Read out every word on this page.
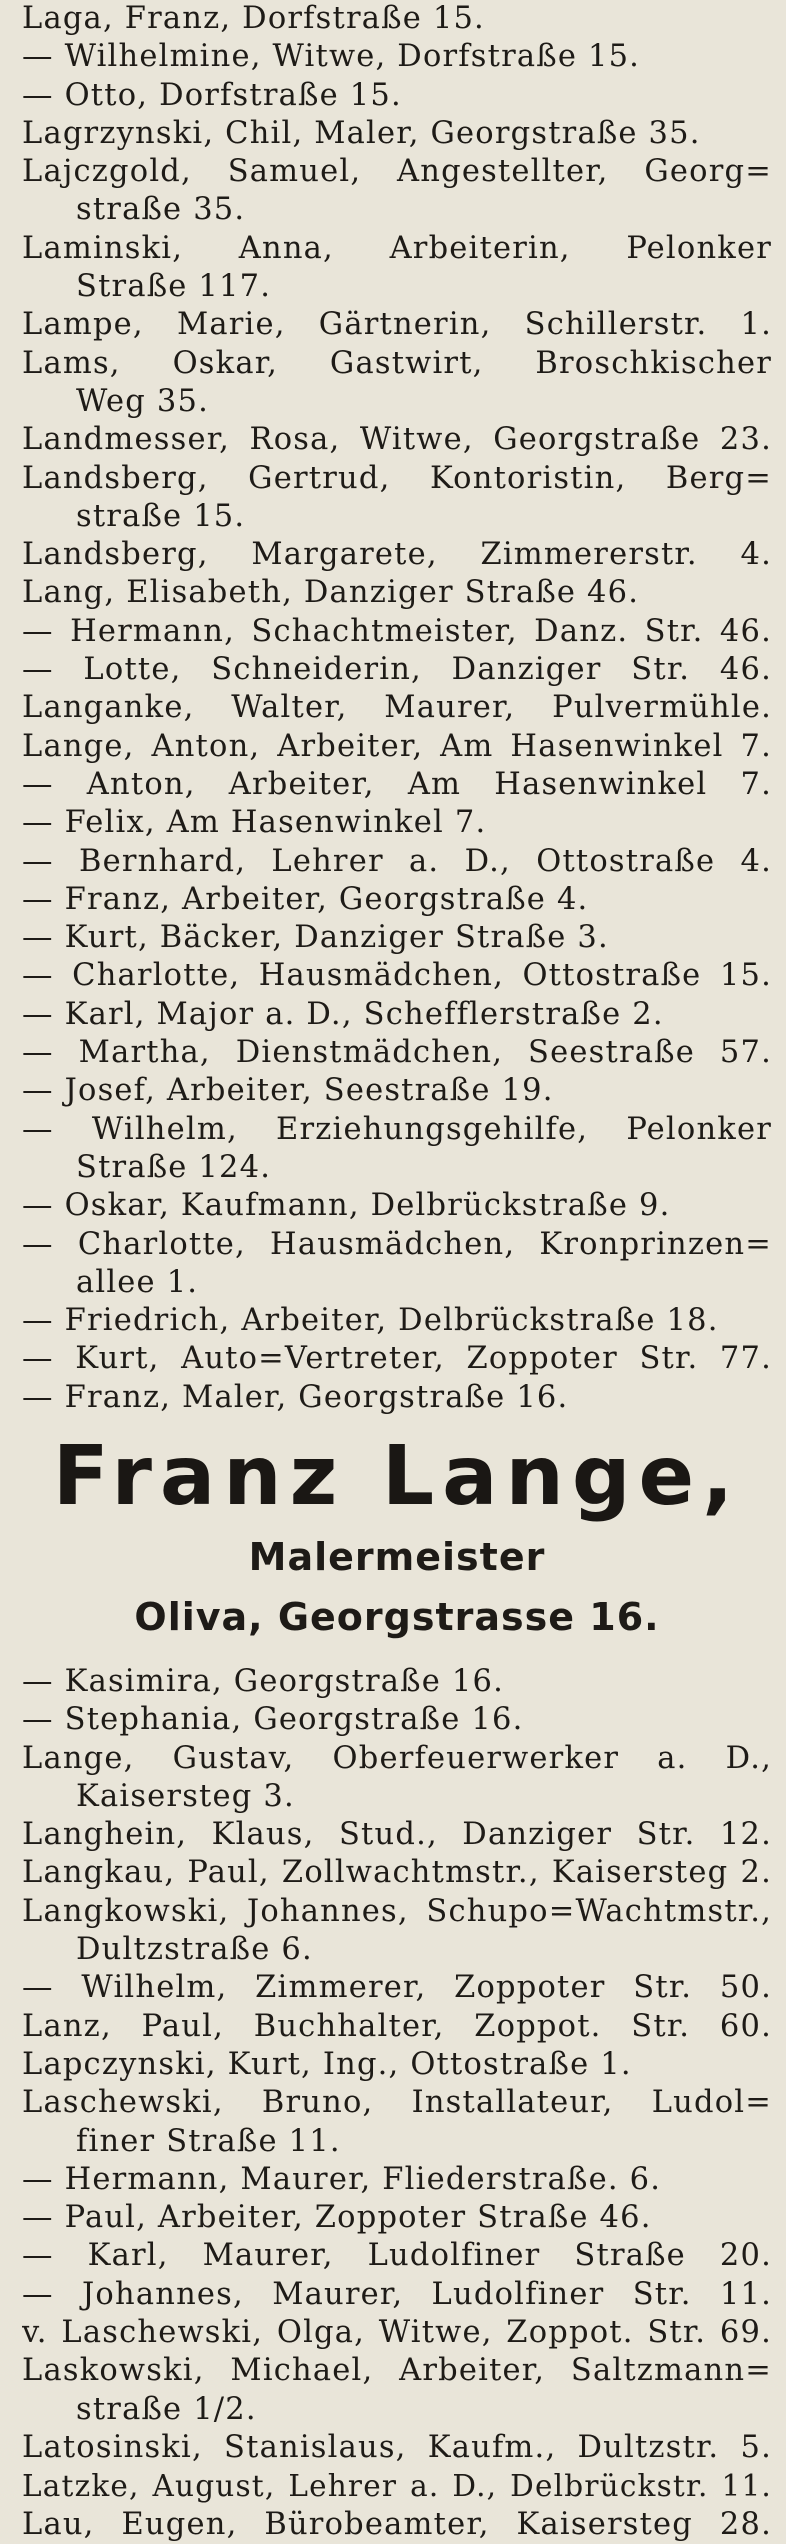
Laga, Franz, Dorfstraße 15.
— Wilhelmine, Witwe, Dorfstraße 15.
— Otto, Dorfstraße 15.
Lagrzynski, Chil, Maler, Georgstraße 35.
Lajczgold, Samuel, Angestellter, Georg=
straße 35.
Laminski, Anna, Arbeiterin, Pelonker
Straße 117.
Lampe, Marie, Gärtnerin, Schillerstr. 1.
Lams, Oskar, Gastwirt, Broschkischer
Weg 35.
Landmesser, Rosa, Witwe, Georgstraße 23.
Landsberg, Gertrud, Kontoristin, Berg=
straße 15.
Landsberg, Margarete, Zimmererstr. 4.
Lang, Elisabeth, Danziger Straße 46.
— Hermann, Schachtmeister, Danz. Str. 46.
— Lotte, Schneiderin, Danziger Str. 46.
Langanke, Walter, Maurer, Pulvermühle.
Lange, Anton, Arbeiter, Am Hasenwinkel 7.
— Anton, Arbeiter, Am Hasenwinkel 7.
— Felix, Am Hasenwinkel 7.
— Bernhard, Lehrer a. D., Ottostraße 4.
— Franz, Arbeiter, Georgstraße 4.
— Kurt, Bäcker, Danziger Straße 3.
— Charlotte, Hausmädchen, Ottostraße 15.
— Karl, Major a. D., Schefflerstraße 2.
— Martha, Dienstmädchen, Seestraße 57.
— Josef, Arbeiter, Seestraße 19.
— Wilhelm, Erziehungsgehilfe, Pelonker
Straße 124.
— Oskar, Kaufmann, Delbrückstraße 9.
— Charlotte, Hausmädchen, Kronprinzen=
allee 1.
— Friedrich, Arbeiter, Delbrückstraße 18.
— Kurt, Auto=Vertreter, Zoppoter Str. 77.
— Franz, Maler, Georgstraße 16.

Franz Lange,

Malermeister

Oliva, Georgstrasse 16.

— Kasimira, Georgstraße 16.
— Stephania, Georgstraße 16.
Lange, Gustav, Oberfeuerwerker a. D.,
Kaisersteg 3.
Langhein, Klaus, Stud., Danziger Str. 12.
Langkau, Paul, Zollwachtmstr., Kaisersteg 2.
Langkowski, Johannes, Schupo=Wachtmstr.,
Dultzstraße 6.
— Wilhelm, Zimmerer, Zoppoter Str. 50.
Lanz, Paul, Buchhalter, Zoppot. Str. 60.
Lapczynski, Kurt, Ing., Ottostraße 1.
Laschewski, Bruno, Installateur, Ludol=
finer Straße 11.
— Hermann, Maurer, Fliederstraße. 6.
— Paul, Arbeiter, Zoppoter Straße 46.
— Karl, Maurer, Ludolfiner Straße 20.
— Johannes, Maurer, Ludolfiner Str. 11.
v. Laschewski, Olga, Witwe, Zoppot. Str. 69.
Laskowski, Michael, Arbeiter, Saltzmann=
straße 1/2.
Latosinski, Stanislaus, Kaufm., Dultzstr. 5.
Latzke, August, Lehrer a. D., Delbrückstr. 11.
Lau, Eugen, Bürobeamter, Kaisersteg 28.
